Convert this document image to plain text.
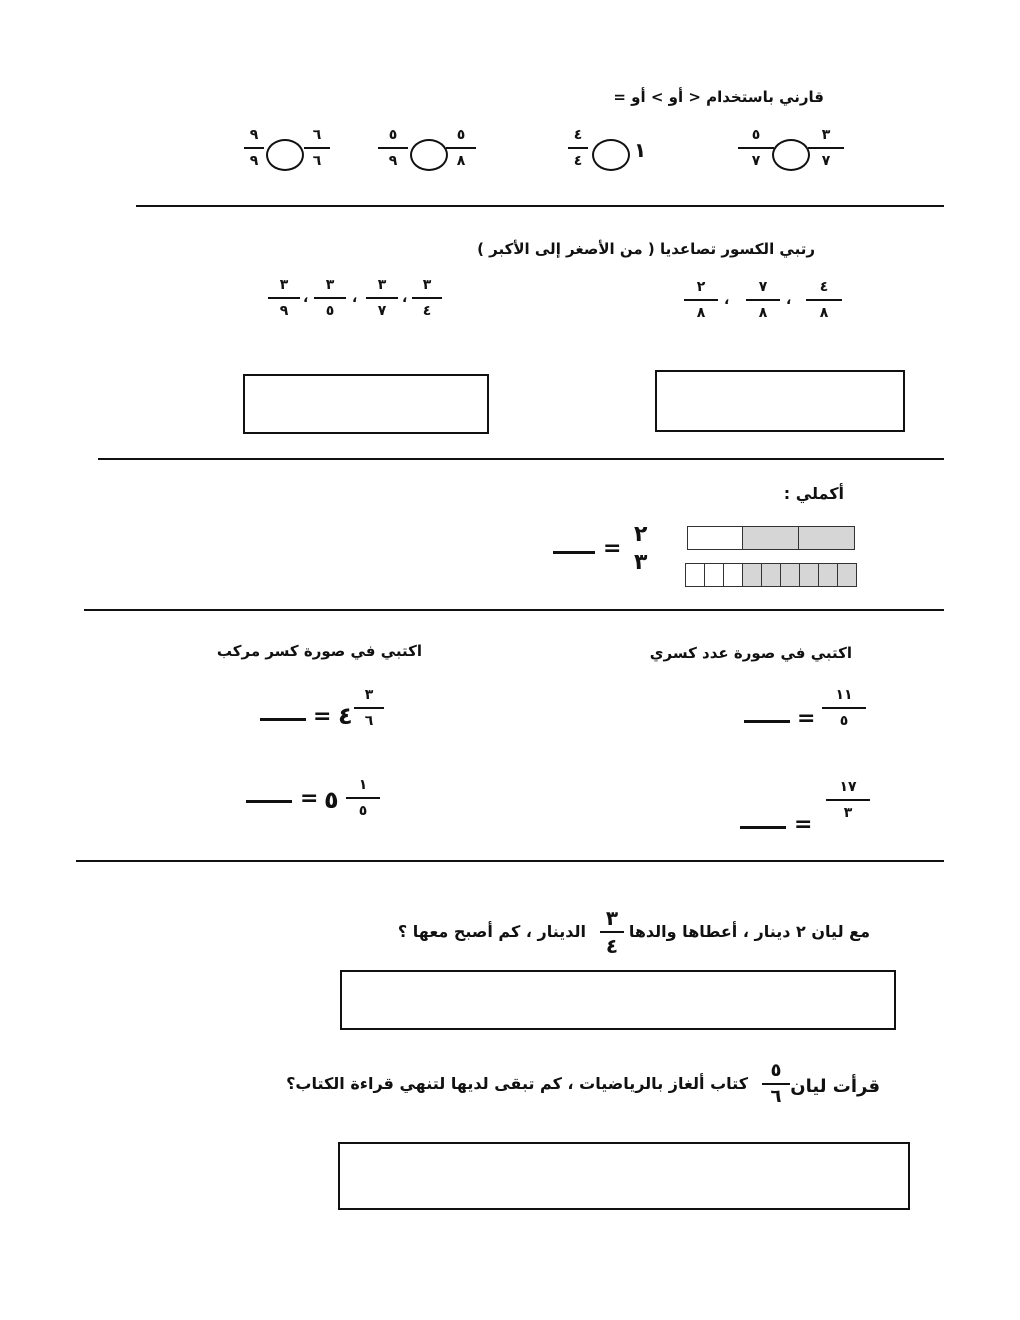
قارني باستخدام < أو > أو =
٩
٩
٦
٦
٥
٩
٥
٨
٤
٤	١
٥
٧
٣
٧
رتبي الكسور تصاعديا ( من الأصغر إلى الأكبر )
٣
٩
،
٣
٥
،
٣
٧
،
٣
٤
٢
٨
،
٧
٨
،
٤
٨
أكملي :
=
٢
٣
اكتبي في صورة كسر مركب	اكتبي في صورة عدد كسري
= ٤
٣
٦
= ٥
١
٥
=
١١
٥
=
١٧
٣
مع ليان ٢ دينار ، أعطاها والدها
٣
٤
الدينار ، كم أصبح معها ؟
قرأت ليان
٥
٦
كتاب ألغاز بالرياضيات ، كم تبقى لديها لتنهي قراءة الكتاب؟
